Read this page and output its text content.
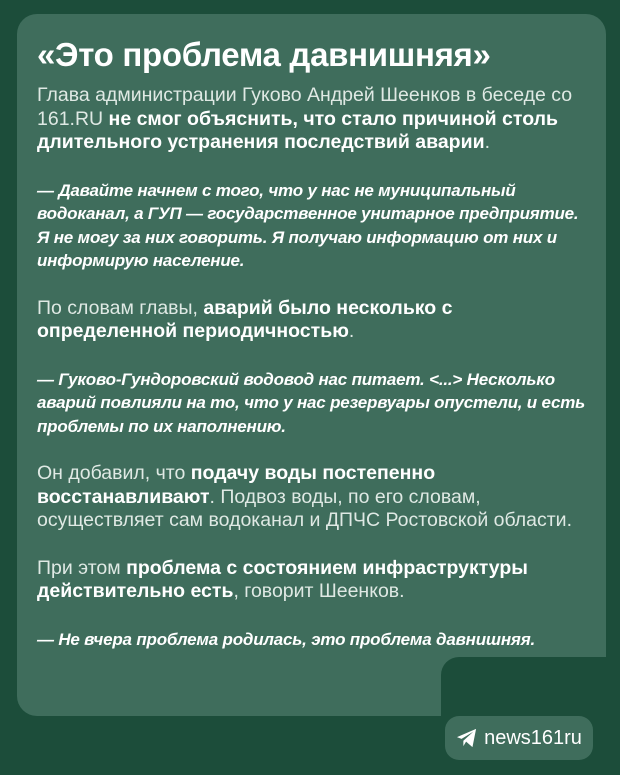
«Это проблема давнишняя»

Глава администрации Гуково Андрей Шеенков в беседе со 161.RU не смог объяснить, что стало причиной столь длительного устранения последствий аварии.

— Давайте начнем с того, что у нас не муниципальный водоканал, а ГУП — государственное унитарное предприятие. Я не могу за них говорить. Я получаю информацию от них и информирую население.

По словам главы, аварий было несколько с определенной периодичностью.

— Гуково-Гундоровский водовод нас питает. <...> Несколько аварий повлияли на то, что у нас резервуары опустели, и есть проблемы по их наполнению.

Он добавил, что подачу воды постепенно восстанавливают. Подвоз воды, по его словам, осуществляет сам водоканал и ДПЧС Ростовской области.

При этом проблема с состоянием инфраструктуры действительно есть, говорит Шеенков.

— Не вчера проблема родилась, это проблема давнишняя.

news161ru
